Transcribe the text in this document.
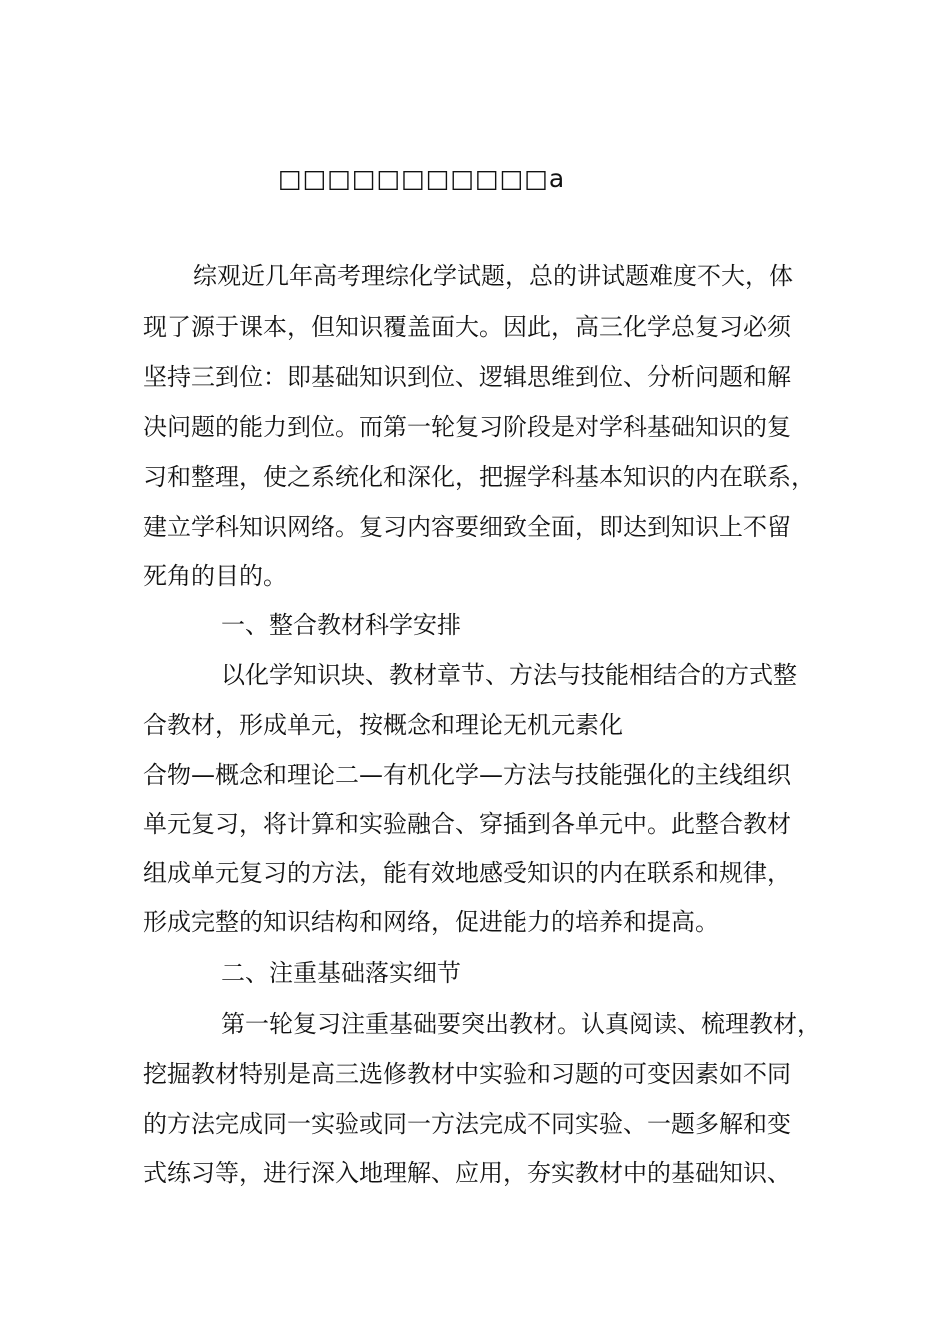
□□□□□□□□□□□a
综观近几年高考理综化学试题，总的讲试题难度不大，体
现了源于课本，但知识覆盖面大。因此，高三化学总复习必须
坚持三到位：即基础知识到位、逻辑思维到位、分析问题和解
决问题的能力到位。而第一轮复习阶段是对学科基础知识的复
习和整理，使之系统化和深化，把握学科基本知识的内在联系，
建立学科知识网络。复习内容要细致全面，即达到知识上不留
死角的目的。
一、整合教材科学安排
以化学知识块、教材章节、方法与技能相结合的方式整
合教材，形成单元，按概念和理论无机元素化
合物—概念和理论二—有机化学—方法与技能强化的主线组织
单元复习，将计算和实验融合、穿插到各单元中。此整合教材
组成单元复习的方法，能有效地感受知识的内在联系和规律，
形成完整的知识结构和网络，促进能力的培养和提高。
二、注重基础落实细节
第一轮复习注重基础要突出教材。认真阅读、梳理教材，
挖掘教材特别是高三选修教材中实验和习题的可变因素如不同
的方法完成同一实验或同一方法完成不同实验、一题多解和变
式练习等，进行深入地理解、应用，夯实教材中的基础知识、
